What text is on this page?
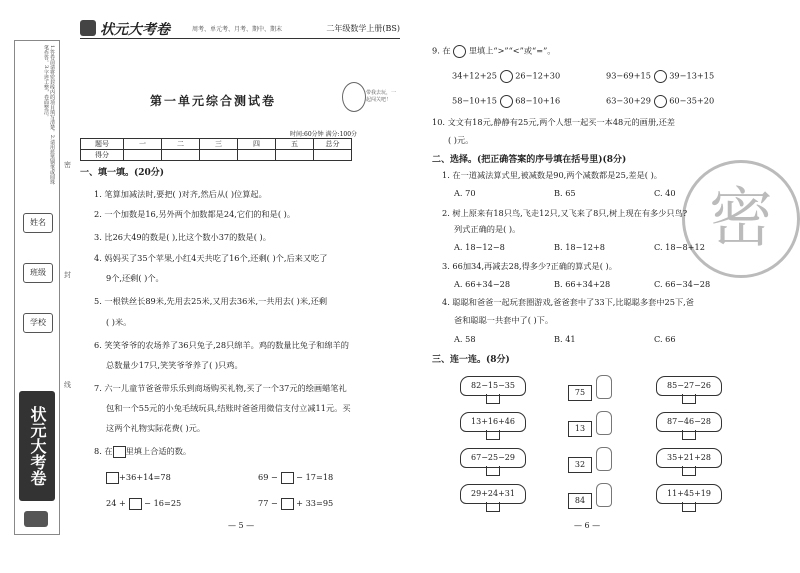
1.答卷前请将密封线内的项目填写清楚。2.请用蓝黑钢笔或圆珠笔作答。3.字迹工整，卷面整洁。
姓名
班级
学校
状元大考卷
密
封
线
状元大考卷	周考、单元考、月考、期中、期末	二年级数学上册(BS)
第一单元综合测试卷
带我去玩，一起闯关吧！
时间:60分钟 满分:100分
题号	一	二	三	四	五	总分
得分						
一、填一填。(20分)
1. 笔算加减法时,要把( )对齐,然后从( )位算起。
2. 一个加数是16,另外两个加数都是24,它们的和是( )。
3. 比26大49的数是( ),比这个数小37的数是( )。
4. 妈妈买了35个苹果,小红4天共吃了16个,还剩( )个,后来又吃了
9个,还剩( )个。
5. 一根铁丝长89米,先用去25米,又用去36米,一共用去( )米,还剩
( )米。
6. 笑笑爷爷的农场养了36只兔子,28只绵羊。鸡的数量比兔子和绵羊的
总数量少17只,笑笑爷爷养了( )只鸡。
7. 六一儿童节爸爸带乐乐到商场购买礼物,买了一个37元的绘画蜡笔礼
包和一个55元的小兔毛绒玩具,结账时爸爸用微信支付立减11元。买
这两个礼物实际花费( )元。
8. 在 里填上合适的数。
+36+14=78	69 − − 17=18
24 + − 16=25	77 − + 33=95
— 5 —
9. 在 里填上“>”“<”或“=”。
34+12+25 26−12+30	93−69+15 39−13+15
58−10+15 68−10+16	63−30+29 60−35+20
10. 文文有18元,静静有25元,两个人想一起买一本48元的画册,还差
( )元。
密
二、选择。(把正确答案的序号填在括号里)(8分)
1. 在一道减法算式里,被减数是90,两个减数都是25,差是( )。
A. 70	B. 65	C. 40
2. 树上原来有18只鸟,飞走12只,又飞来了8只,树上现在有多少只鸟?
列式正确的是( )。
A. 18−12−8	B. 18−12+8	C. 18−8+12
3. 66加34,再减去28,得多少?正确的算式是( )。
A. 66+34−28	B. 66+34+28	C. 66−34−28
4. 聪聪和爸爸一起玩套圈游戏,爸爸套中了33下,比聪聪多套中25下,爸
爸和聪聪一共套中了( )下。
A. 58	B. 41	C. 66
三、连一连。(8分)
82−15−35
13+16+46
67−25−29
29+24+31
75
13
32
84
85−27−26
87−46−28
35+21+28
11+45+19
— 6 —
